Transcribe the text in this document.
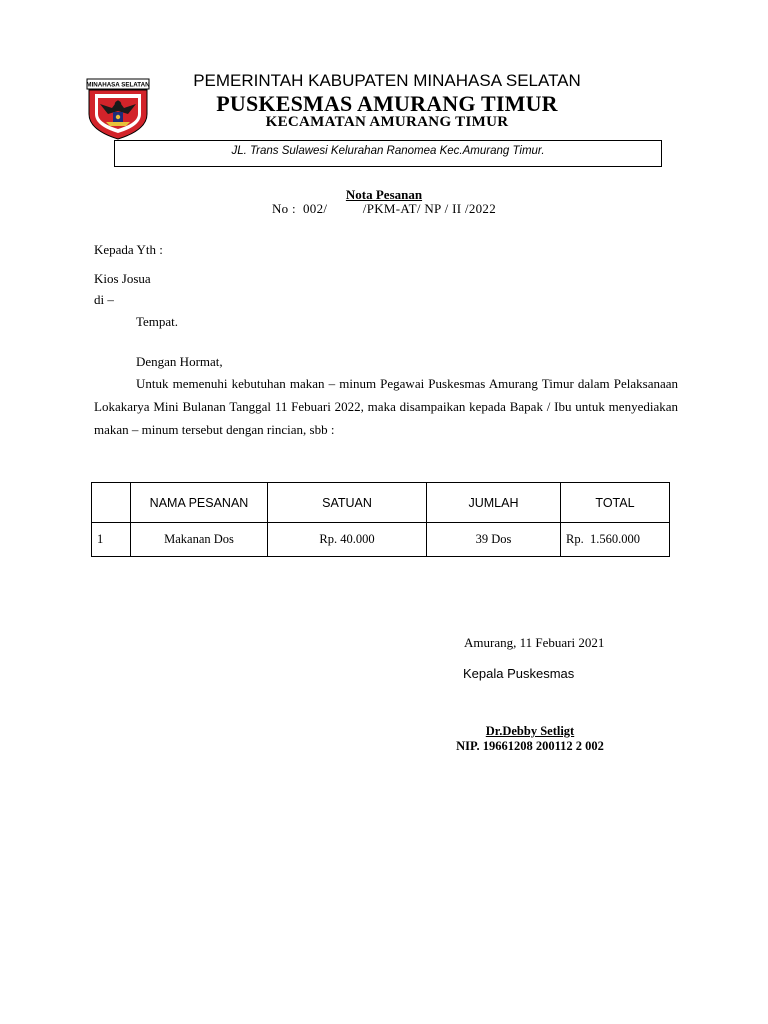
MINAHASA SELATAN	PEMERINTAH KABUPATEN MINAHASA SELATAN
PUSKESMAS AMURANG TIMUR
KECAMATAN AMURANG TIMUR
JL. Trans Sulawesi Kelurahan Ranomea Kec.Amurang Timur.
Nota Pesanan
No :  002/          /PKM-AT/ NP / II /2022
Kepada Yth :
Kios Josua
di –
Tempat.
Dengan Hormat,
Untuk memenuhi kebutuhan makan – minum Pegawai Puskesmas Amurang Timur dalam Pelaksanaan Lokakarya Mini Bulanan Tanggal 11 Febuari 2022, maka disampaikan kepada Bapak / Ibu untuk menyediakan makan – minum tersebut dengan rincian, sbb :
	NAMA PESANAN	SATUAN	JUMLAH	TOTAL
1	Makanan Dos	Rp. 40.000	39 Dos	Rp.  1.560.000
Amurang, 11 Febuari 2021
Kepala Puskesmas
Dr.Debby Setligt
NIP. 19661208 200112 2 002
